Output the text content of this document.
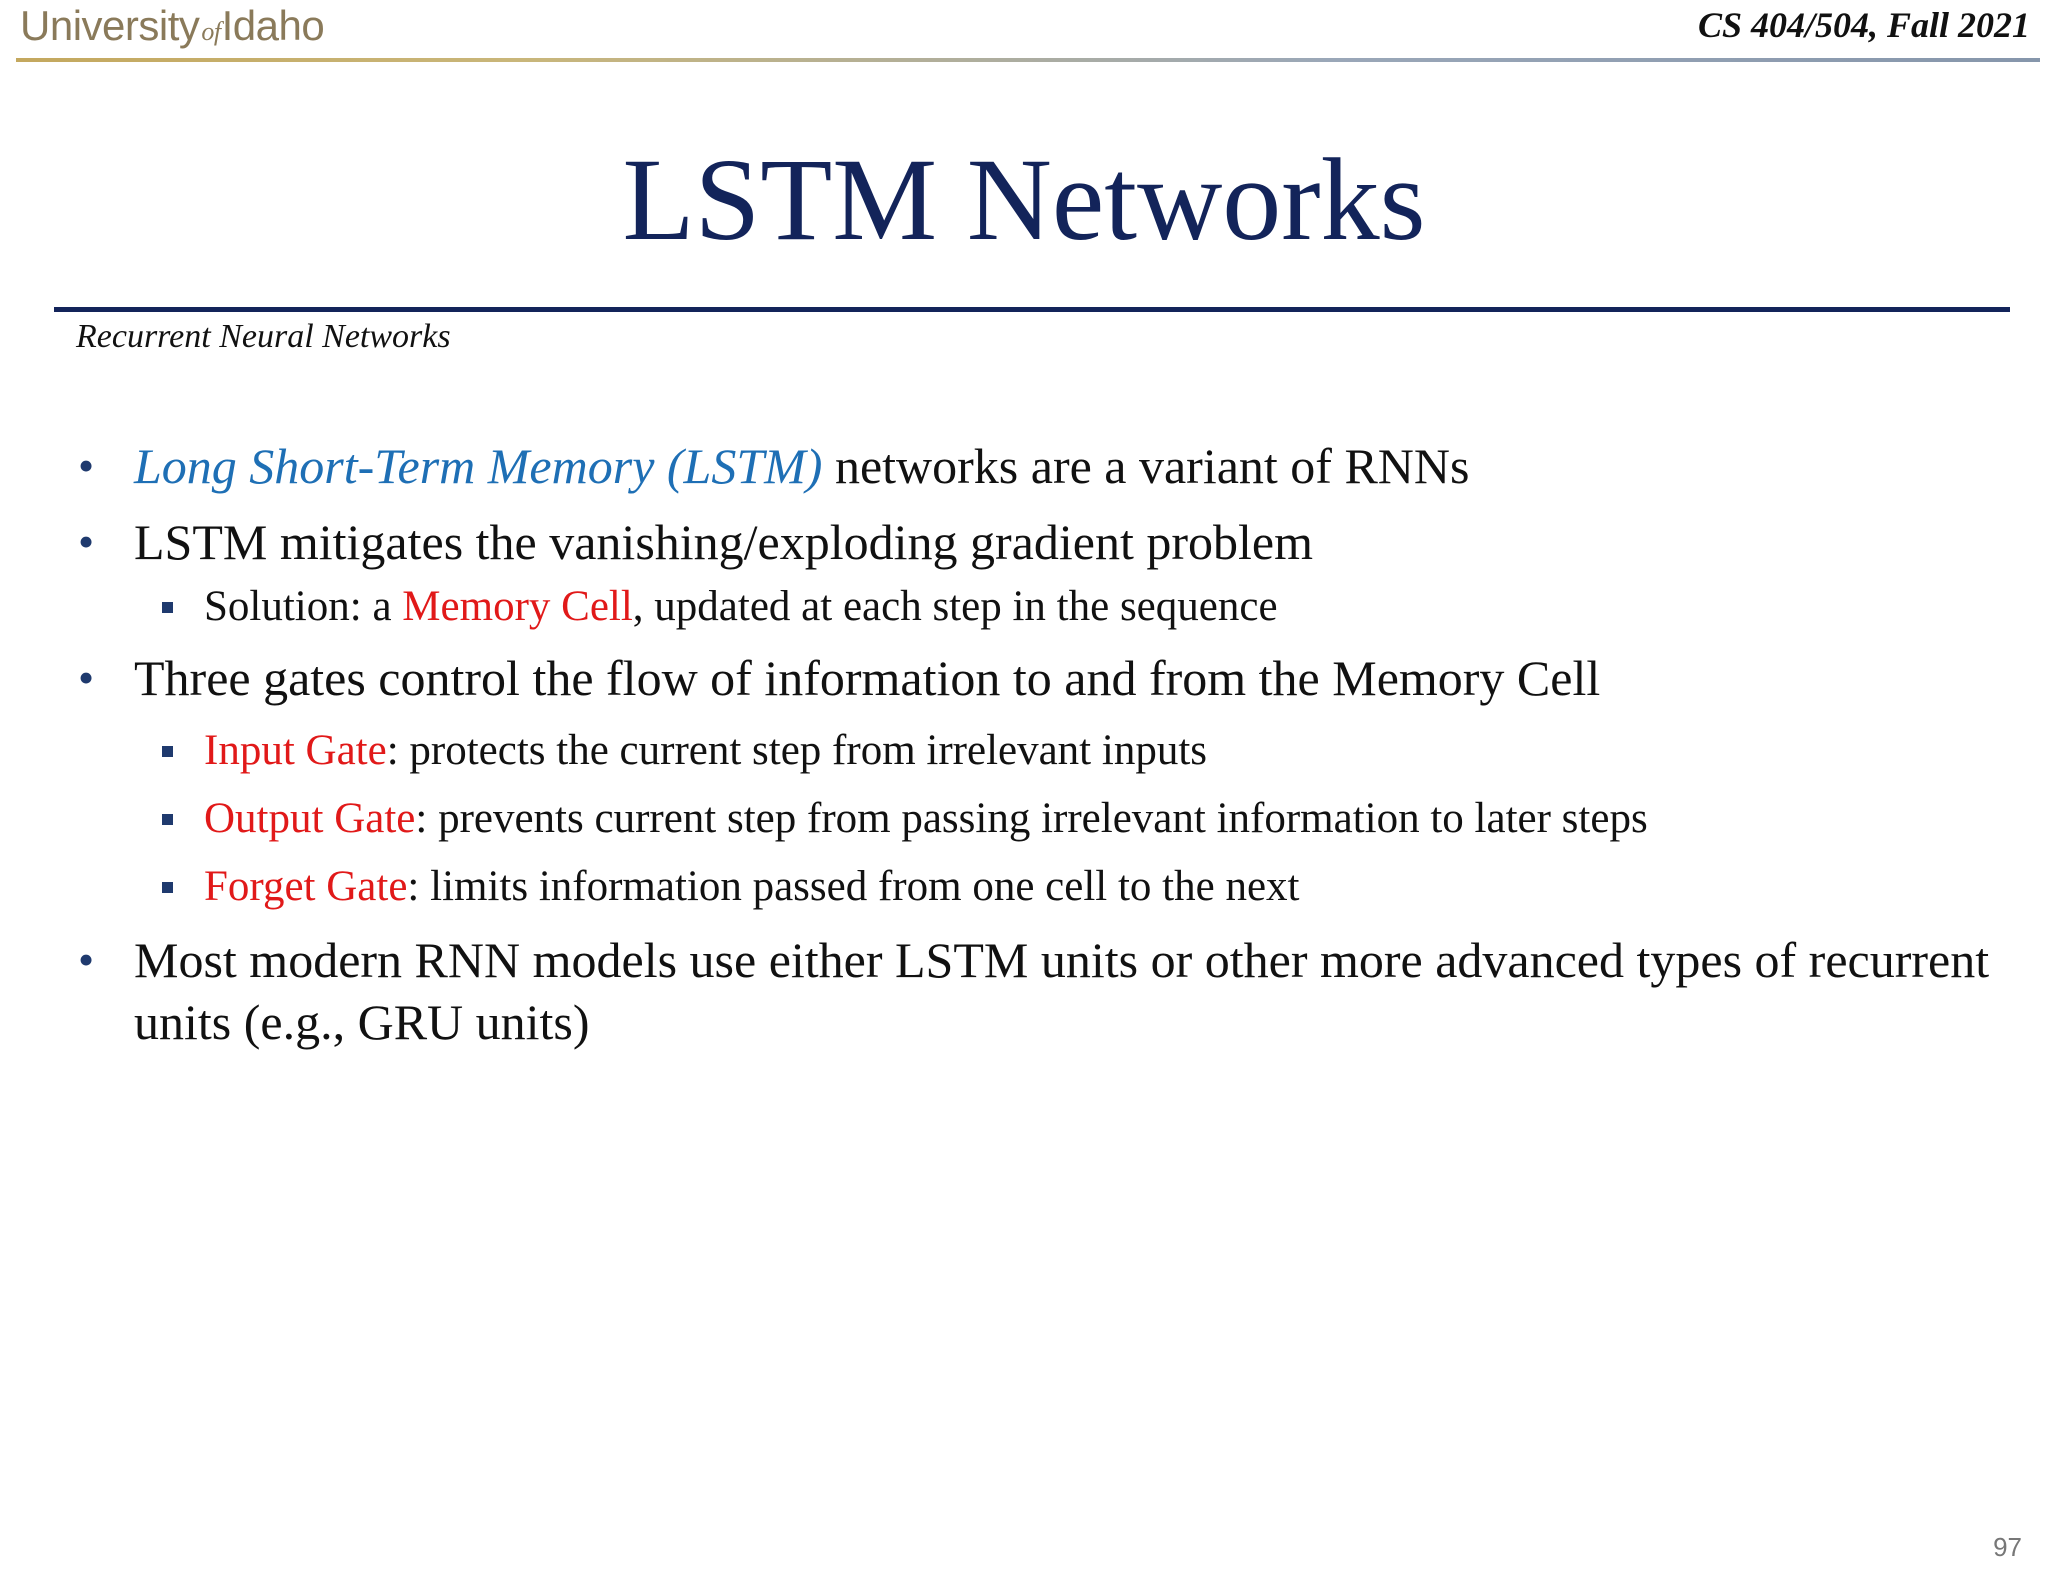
UniversityofIdaho	CS 404/504, Fall 2021
LSTM Networks
Recurrent Neural Networks
• Long Short-Term Memory (LSTM) networks are a variant of RNNs
• LSTM mitigates the vanishing/exploding gradient problem
Solution: a Memory Cell, updated at each step in the sequence
• Three gates control the flow of information to and from the Memory Cell
Input Gate: protects the current step from irrelevant inputs
Output Gate: prevents current step from passing irrelevant information to later steps
Forget Gate: limits information passed from one cell to the next
• Most modern RNN models use either LSTM units or other more advanced types of recurrent units (e.g., GRU units)
97
